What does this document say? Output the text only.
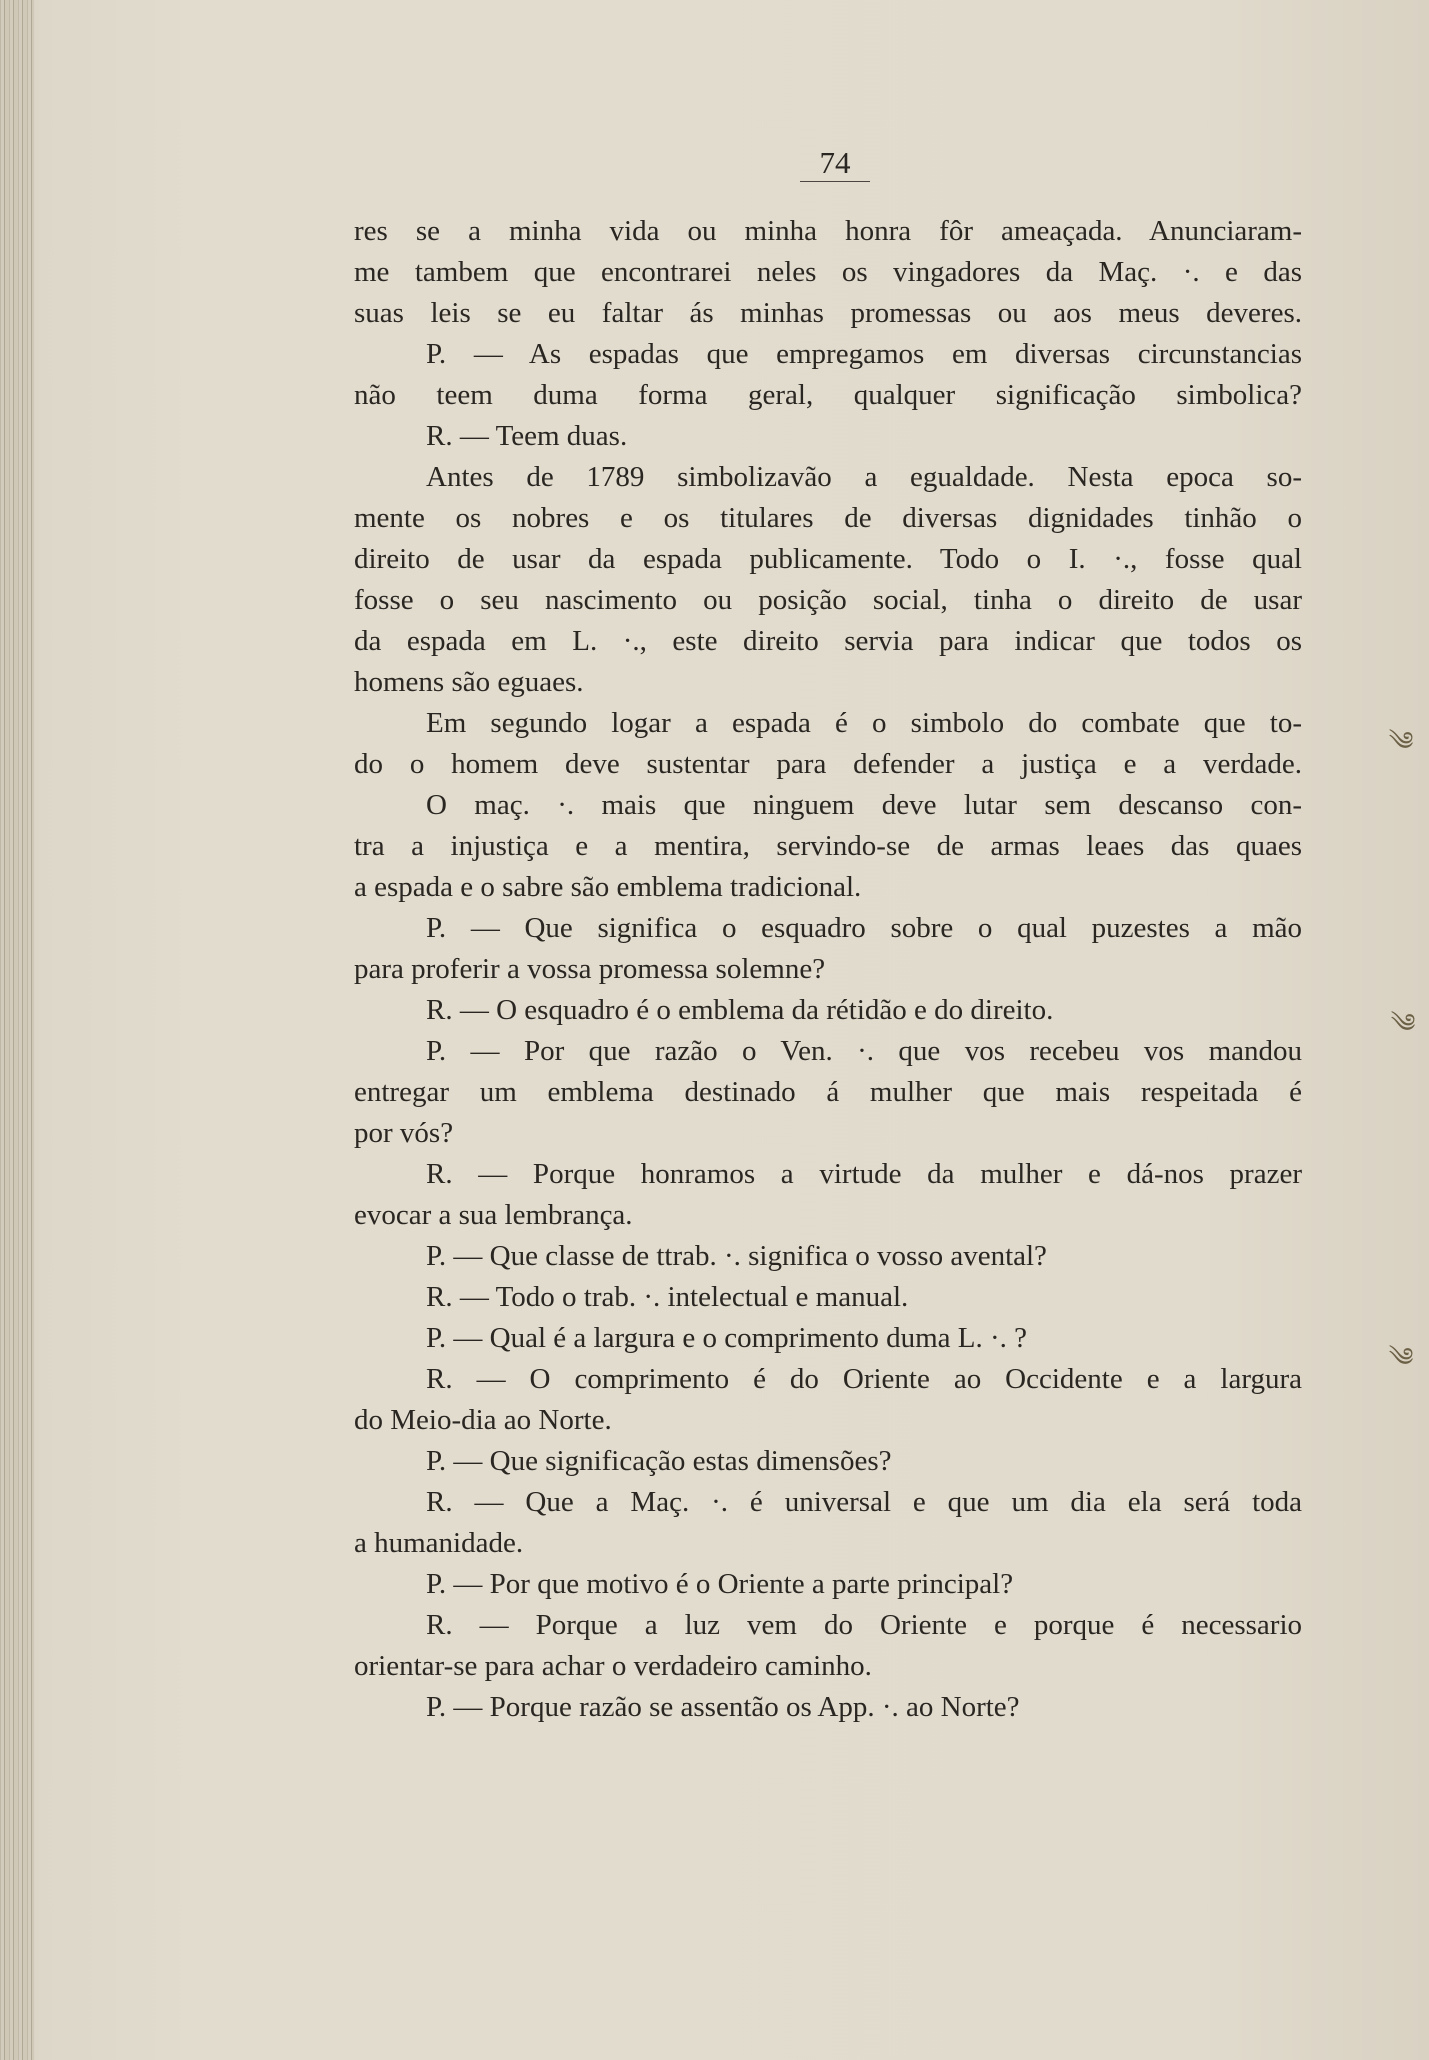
74
res se a minha vida ou minha honra fôr ameaçada. Anunciaram-
me tambem que encontrarei neles os vingadores da Maç. ·. e das
suas leis se eu faltar ás minhas promessas ou aos meus deveres.
P. — As espadas que empregamos em diversas circunstancias
não teem duma forma geral, qualquer significação simbolica?
R. — Teem duas.
Antes de 1789 simbolizavão a egualdade. Nesta epoca so-
mente os nobres e os titulares de diversas dignidades tinhão o
direito de usar da espada publicamente. Todo o I. ·., fosse qual
fosse o seu nascimento ou posição social, tinha o direito de usar
da espada em L. ·., este direito servia para indicar que todos os
homens são eguaes.
Em segundo logar a espada é o simbolo do combate que to-
do o homem deve sustentar para defender a justiça e a verdade.
O maç. ·. mais que ninguem deve lutar sem descanso con-
tra a injustiça e a mentira, servindo-se de armas leaes das quaes
a espada e o sabre são emblema tradicional.
P. — Que significa o esquadro sobre o qual puzestes a mão
para proferir a vossa promessa solemne?
R. — O esquadro é o emblema da rétidão e do direito.
P. — Por que razão o Ven. ·. que vos recebeu vos mandou
entregar um emblema destinado á mulher que mais respeitada é
por vós?
R. — Porque honramos a virtude da mulher e dá-nos prazer
evocar a sua lembrança.
P. — Que classe de ttrab. ·. significa o vosso avental?
R. — Todo o trab. ·. intelectual e manual.
P. — Qual é a largura e o comprimento duma L. ·. ?
R. — O comprimento é do Oriente ao Occidente e a largura
do Meio-dia ao Norte.
P. — Que significação estas dimensões?
R. — Que a Maç. ·. é universal e que um dia ela será toda
a humanidade.
P. — Por que motivo é o Oriente a parte principal?
R. — Porque a luz vem do Oriente e porque é necessario
orientar-se para achar o verdadeiro caminho.
P. — Porque razão se assentão os App. ·. ao Norte?
༄
༄
༄
